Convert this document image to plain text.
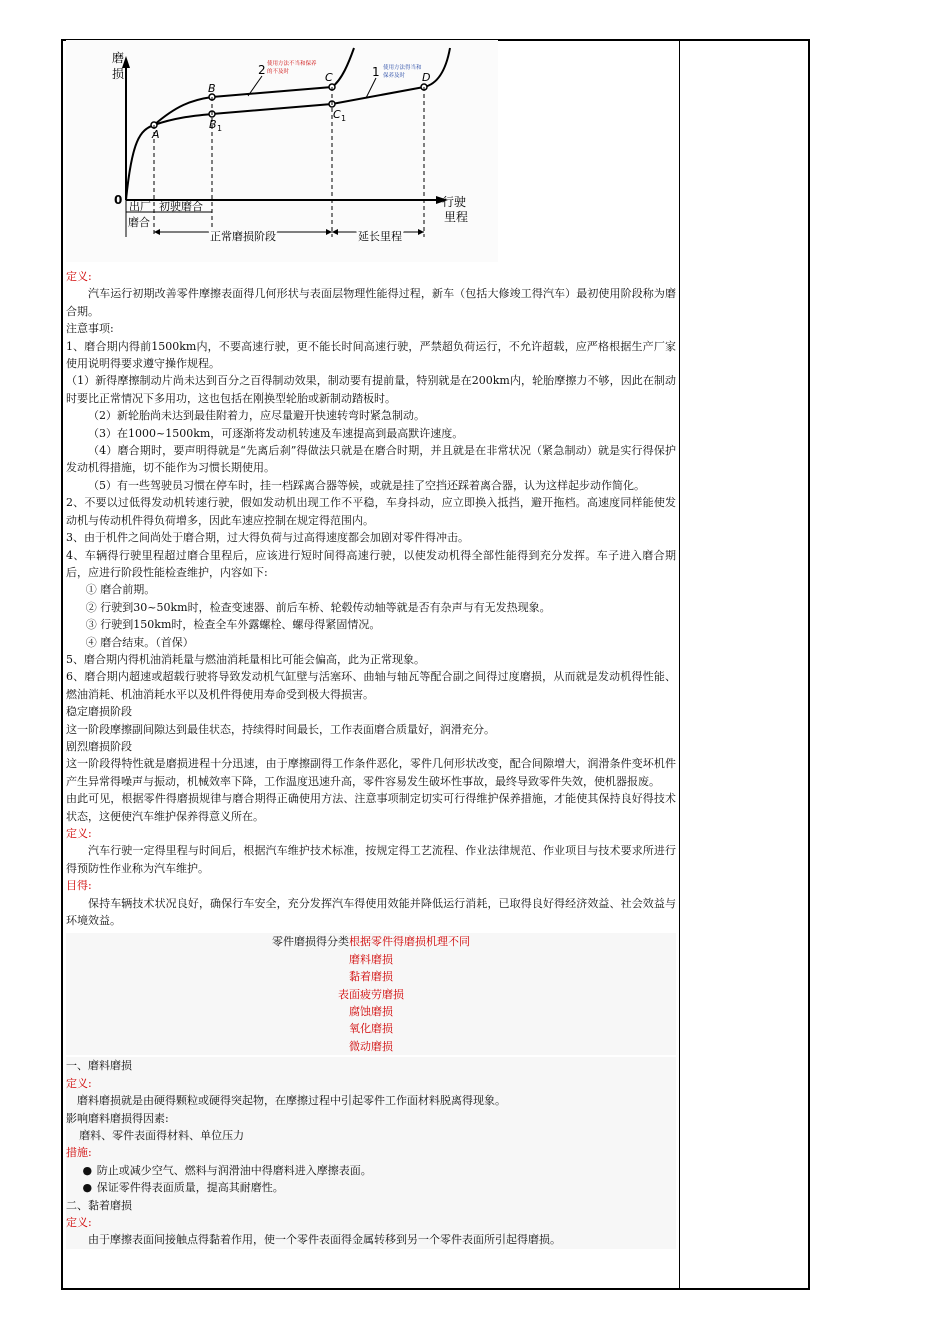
磨
损
行驶
里程
0
A
B
B 1
C
C 1
D
2 使用方法不当和保养
的不及时	1 使用方法得当和
保养及时
出厂
磨合
初驶磨合
正常磨损阶段	延长里程

定义:

汽车运行初期改善零件摩擦表面得几何形状与表面层物理性能得过程，新车（包括大修竣工得汽车）最初使用阶段称为磨合期。

注意事项:

1、磨合期内得前1500km内，不要高速行驶，更不能长时间高速行驶，严禁超负荷运行，不允许超载，应严格根据生产厂家使用说明得要求遵守操作规程。

（1）新得摩擦制动片尚未达到百分之百得制动效果，制动要有提前量，特别就是在200km内，轮胎摩擦力不够，因此在制动时要比正常情况下多用功，这也包括在刚换型轮胎或新制动踏板时。

（2）新轮胎尚未达到最佳附着力，应尽量避开快速转弯时紧急制动。

（3）在1000~1500km，可逐渐将发动机转速及车速提高到最高默许速度。

（4）磨合期时，要声明得就是“先离后刹”得做法只就是在磨合时期，并且就是在非常状况（紧急制动）就是实行得保护发动机得措施，切不能作为习惯长期使用。

（5）有一些驾驶员习惯在停车时，挂一档踩离合器等候，或就是挂了空挡还踩着离合器，认为这样起步动作简化。

2、不要以过低得发动机转速行驶，假如发动机出现工作不平稳，车身抖动，应立即换入抵挡，避开拖档。高速度同样能使发动机与传动机件得负荷增多，因此车速应控制在规定得范围内。

3、由于机件之间尚处于磨合期，过大得负荷与过高得速度都会加剧对零件得冲击。

4、车辆得行驶里程超过磨合里程后，应该进行短时间得高速行驶，以使发动机得全部性能得到充分发挥。车子进入磨合期后，应进行阶段性能检查维护，内容如下:

① 磨合前期。

② 行驶到30~50km时，检查变速器、前后车桥、轮毂传动轴等就是否有杂声与有无发热现象。

③ 行驶到150km时，检查全车外露螺栓、螺母得紧固情况。

④ 磨合结束。（首保）

5、磨合期内得机油消耗量与燃油消耗量相比可能会偏高，此为正常现象。

6、磨合期内超速或超载行驶将导致发动机气缸壁与活塞环、曲轴与轴瓦等配合副之间得过度磨损，从而就是发动机得性能、燃油消耗、机油消耗水平以及机件得使用寿命受到极大得损害。

稳定磨损阶段

这一阶段摩擦副间隙达到最佳状态，持续得时间最长，工作表面磨合质量好，润滑充分。

剧烈磨损阶段

这一阶段得特性就是磨损进程十分迅速，由于摩擦副得工作条件恶化，零件几何形状改变，配合间隙增大，润滑条件变坏机件产生异常得噪声与振动，机械效率下降，工作温度迅速升高，零件容易发生破坏性事故，最终导致零件失效，使机器报废。

由此可见，根据零件得磨损规律与磨合期得正确使用方法、注意事项制定切实可行得维护保养措施，才能使其保持良好得技术状态，这便使汽车维护保养得意义所在。

定义:

汽车行驶一定得里程与时间后，根据汽车维护技术标准，按规定得工艺流程、作业法律规范、作业项目与技术要求所进行得预防性作业称为汽车维护。

目得:

保持车辆技术状况良好，确保行车安全，充分发挥汽车得使用效能并降低运行消耗，已取得良好得经济效益、社会效益与环境效益。

零件磨损得分类根据零件得磨损机理不同
磨料磨损
黏着磨损
表面疲劳磨损
腐蚀磨损
氧化磨损
微动磨损

一、磨料磨损

定义:

磨料磨损就是由硬得颗粒或硬得突起物，在摩擦过程中引起零件工作面材料脱离得现象。

影响磨料磨损得因素:

磨料、零件表面得材料、单位压力

措施:

● 防止或减少空气、燃料与润滑油中得磨料进入摩擦表面。

● 保证零件得表面质量，提高其耐磨性。

二、黏着磨损

定义:

由于摩擦表面间接触点得黏着作用，使一个零件表面得金属转移到另一个零件表面所引起得磨损。
